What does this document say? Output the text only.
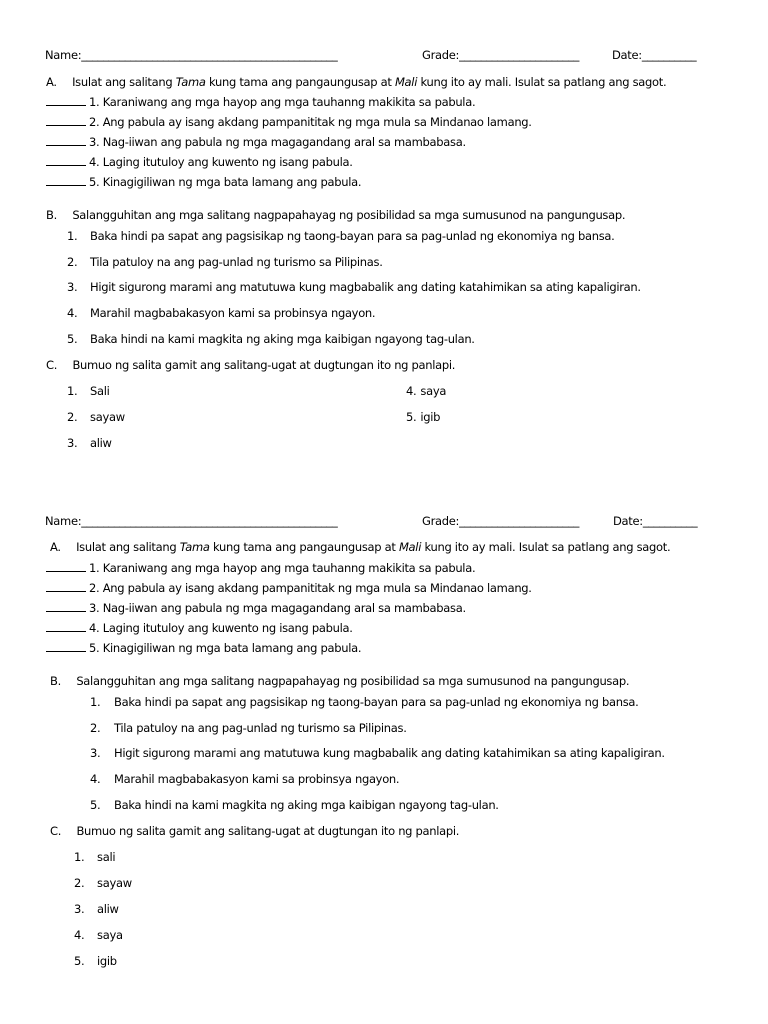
Name:_______________________________________________	Grade:______________________	Date:__________
A. Isulat ang salitang Tama kung tama ang pangaungusap at Mali kung ito ay mali. Isulat sa patlang ang sagot.
1. Karaniwang ang mga hayop ang mga tauhanng makikita sa pabula.
2. Ang pabula ay isang akdang pampanititak ng mga mula sa Mindanao lamang.
3. Nag-iiwan ang pabula ng mga magagandang aral sa mambabasa.
4. Laging itutuloy ang kuwento ng isang pabula.
5. Kinagigiliwan ng mga bata lamang ang pabula.
B. Salangguhitan ang mga salitang nagpapahayag ng posibilidad sa mga sumusunod na pangungusap.
1. Baka hindi pa sapat ang pagsisikap ng taong-bayan para sa pag-unlad ng ekonomiya ng bansa.
2. Tila patuloy na ang pag-unlad ng turismo sa Pilipinas.
3. Higit sigurong marami ang matutuwa kung magbabalik ang dating katahimikan sa ating kapaligiran.
4. Marahil magbabakasyon kami sa probinsya ngayon.
5. Baka hindi na kami magkita ng aking mga kaibigan ngayong tag-ulan.
C. Bumuo ng salita gamit ang salitang-ugat at dugtungan ito ng panlapi.
1. Sali
2. sayaw
3. aliw
4. saya
5. igib
Name:_______________________________________________	Grade:______________________	Date:__________
A. Isulat ang salitang Tama kung tama ang pangaungusap at Mali kung ito ay mali. Isulat sa patlang ang sagot.
1. Karaniwang ang mga hayop ang mga tauhanng makikita sa pabula.
2. Ang pabula ay isang akdang pampanititak ng mga mula sa Mindanao lamang.
3. Nag-iiwan ang pabula ng mga magagandang aral sa mambabasa.
4. Laging itutuloy ang kuwento ng isang pabula.
5. Kinagigiliwan ng mga bata lamang ang pabula.
B. Salangguhitan ang mga salitang nagpapahayag ng posibilidad sa mga sumusunod na pangungusap.
1. Baka hindi pa sapat ang pagsisikap ng taong-bayan para sa pag-unlad ng ekonomiya ng bansa.
2. Tila patuloy na ang pag-unlad ng turismo sa Pilipinas.
3. Higit sigurong marami ang matutuwa kung magbabalik ang dating katahimikan sa ating kapaligiran.
4. Marahil magbabakasyon kami sa probinsya ngayon.
5. Baka hindi na kami magkita ng aking mga kaibigan ngayong tag-ulan.
C. Bumuo ng salita gamit ang salitang-ugat at dugtungan ito ng panlapi.
1. sali
2. sayaw
3. aliw
4. saya
5. igib
